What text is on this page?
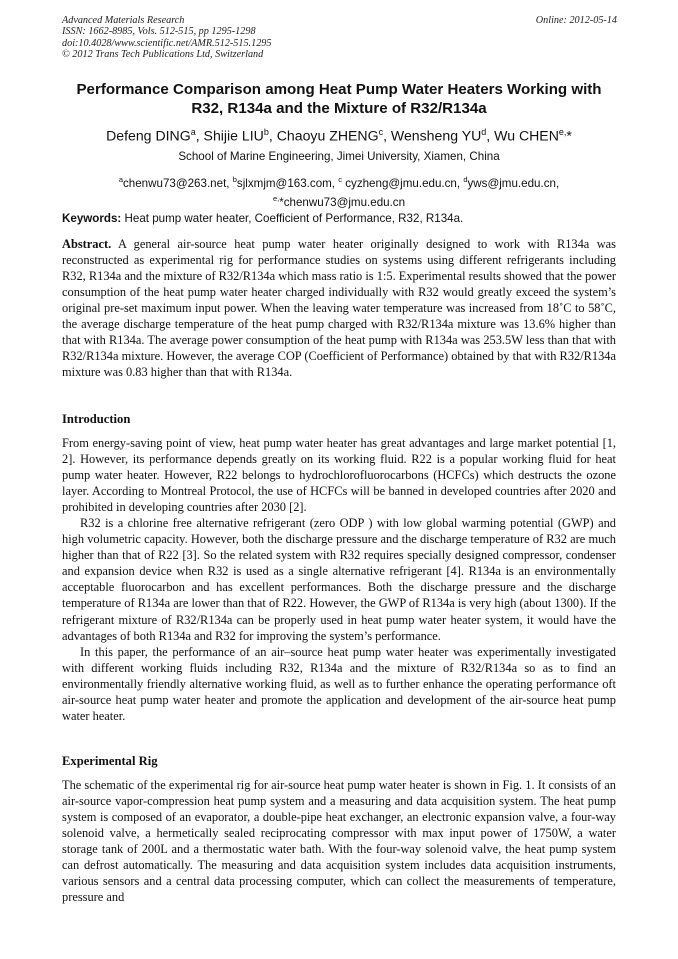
Advanced Materials Research
ISSN: 1662-8985, Vols. 512-515, pp 1295-1298
doi:10.4028/www.scientific.net/AMR.512-515.1295
© 2012 Trans Tech Publications Ltd, Switzerland
Online: 2012-05-14
Performance Comparison among Heat Pump Water Heaters Working with R32, R134a and the Mixture of R32/R134a
Defeng DING$^a$, Shijie LIU$^b$, Chaoyu ZHENG$^c$, Wensheng $YU^d$, Wu $CHEN^{e,}*$
School of Marine Engineering, Jimei University, Xiamen, China
$^a$chenwu73@263.net, $^b$sjlxmjm@163.com, $^c$ cyzheng@jmu.edu.cn, $^d$yws@jmu.edu.cn,
$^{e,}$*chenwu73@jmu.edu.cn
Keywords: Heat pump water heater, Coefficient of Performance, R32, R134a.
Abstract. A general air-source heat pump water heater originally designed to work with R134a was reconstructed as experimental rig for performance studies on systems using different refrigerants including R32, R134a and the mixture of R32/R134a which mass ratio is 1:5. Experimental results showed that the power consumption of the heat pump water heater charged individually with R32 would greatly exceed the system’s original pre-set maximum input power. When the leaving water temperature was increased from 18˚C to 58˚C, the average discharge temperature of the heat pump charged with R32/R134a mixture was 13.6% higher than that with R134a. The average power consumption of the heat pump with R134a was 253.5W less than that with R32/R134a mixture. However, the average COP (Coefficient of Performance) obtained by that with R32/R134a mixture was 0.83 higher than that with R134a.
Introduction

From energy-saving point of view, heat pump water heater has great advantages and large market potential [1, 2]. However, its performance depends greatly on its working fluid. R22 is a popular working fluid for heat pump water heater. However, R22 belongs to hydrochlorofluorocarbons (HCFCs) which destructs the ozone layer. According to Montreal Protocol, the use of HCFCs will be banned in developed countries after 2020 and prohibited in developing countries after 2030 [2].

R32 is a chlorine free alternative refrigerant (zero ODP ) with low global warming potential (GWP) and high volumetric capacity. However, both the discharge pressure and the discharge temperature of R32 are much higher than that of R22 [3]. So the related system with R32 requires specially designed compressor, condenser and expansion device when R32 is used as a single alternative refrigerant [4]. R134a is an environmentally acceptable fluorocarbon and has excellent performances. Both the discharge pressure and the discharge temperature of R134a are lower than that of R22. However, the GWP of R134a is very high (about 1300). If the refrigerant mixture of R32/R134a can be properly used in heat pump water heater system, it would have the advantages of both R134a and R32 for improving the system’s performance.

In this paper, the performance of an air–source heat pump water heater was experimentally investigated with different working fluids including R32, R134a and the mixture of R32/R134a so as to find an environmentally friendly alternative working fluid, as well as to further enhance the operating performance oft air-source heat pump water heater and promote the application and development of the air-source heat pump water heater.

Experimental Rig

The schematic of the experimental rig for air-source heat pump water heater is shown in Fig. 1. It consists of an air-source vapor-compression heat pump system and a measuring and data acquisition system. The heat pump system is composed of an evaporator, a double-pipe heat exchanger, an electronic expansion valve, a four-way solenoid valve, a hermetically sealed reciprocating compressor with max input power of 1750W, a water storage tank of 200L and a thermostatic water bath. With the four-way solenoid valve, the heat pump system can defrost automatically. The measuring and data acquisition system includes data acquisition instruments, various sensors and a central data processing computer, which can collect the measurements of temperature, pressure and
